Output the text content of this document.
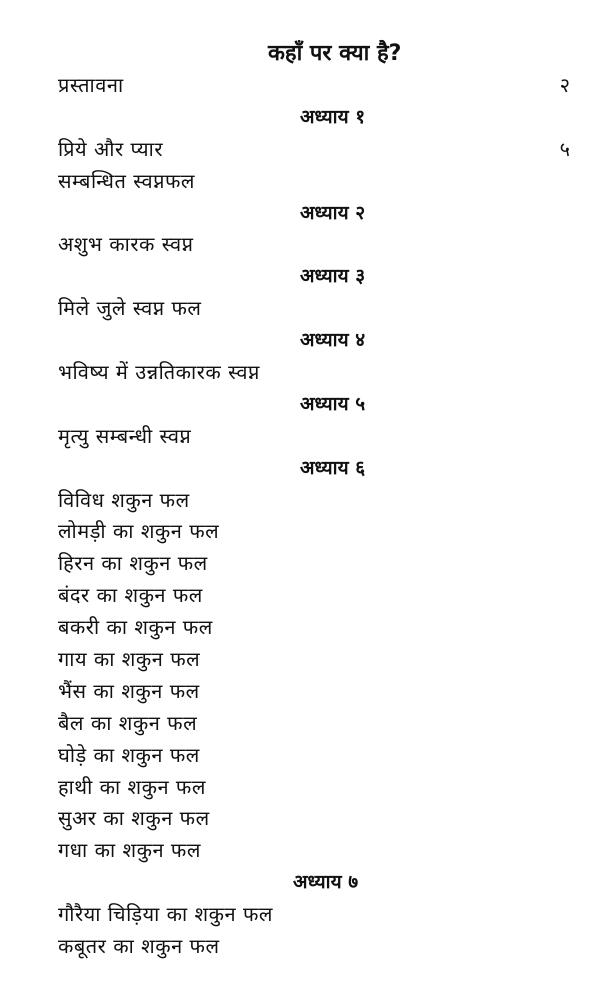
कहाँ पर क्या है?
प्रस्तावना	२
अध्याय १
प्रिये और प्यार	५
सम्बन्धित स्वप्नफल
अध्याय २
अशुभ कारक स्वप्न
अध्याय ३
मिले जुले स्वप्न फल
अध्याय ४
भविष्य में उन्नतिकारक स्वप्न
अध्याय ५
मृत्यु सम्बन्धी स्वप्न
अध्याय ६
विविध शकुन फल
लोमड़ी का शकुन फल
हिरन का शकुन फल
बंदर का शकुन फल
बकरी का शकुन फल
गाय का शकुन फल
भैंस का शकुन फल
बैल का शकुन फल
घोड़े का शकुन फल
हाथी का शकुन फल
सुअर का शकुन फल
गधा का शकुन फल
अध्याय ७
गौरैया चिड़िया का शकुन फल
कबूतर का शकुन फल
